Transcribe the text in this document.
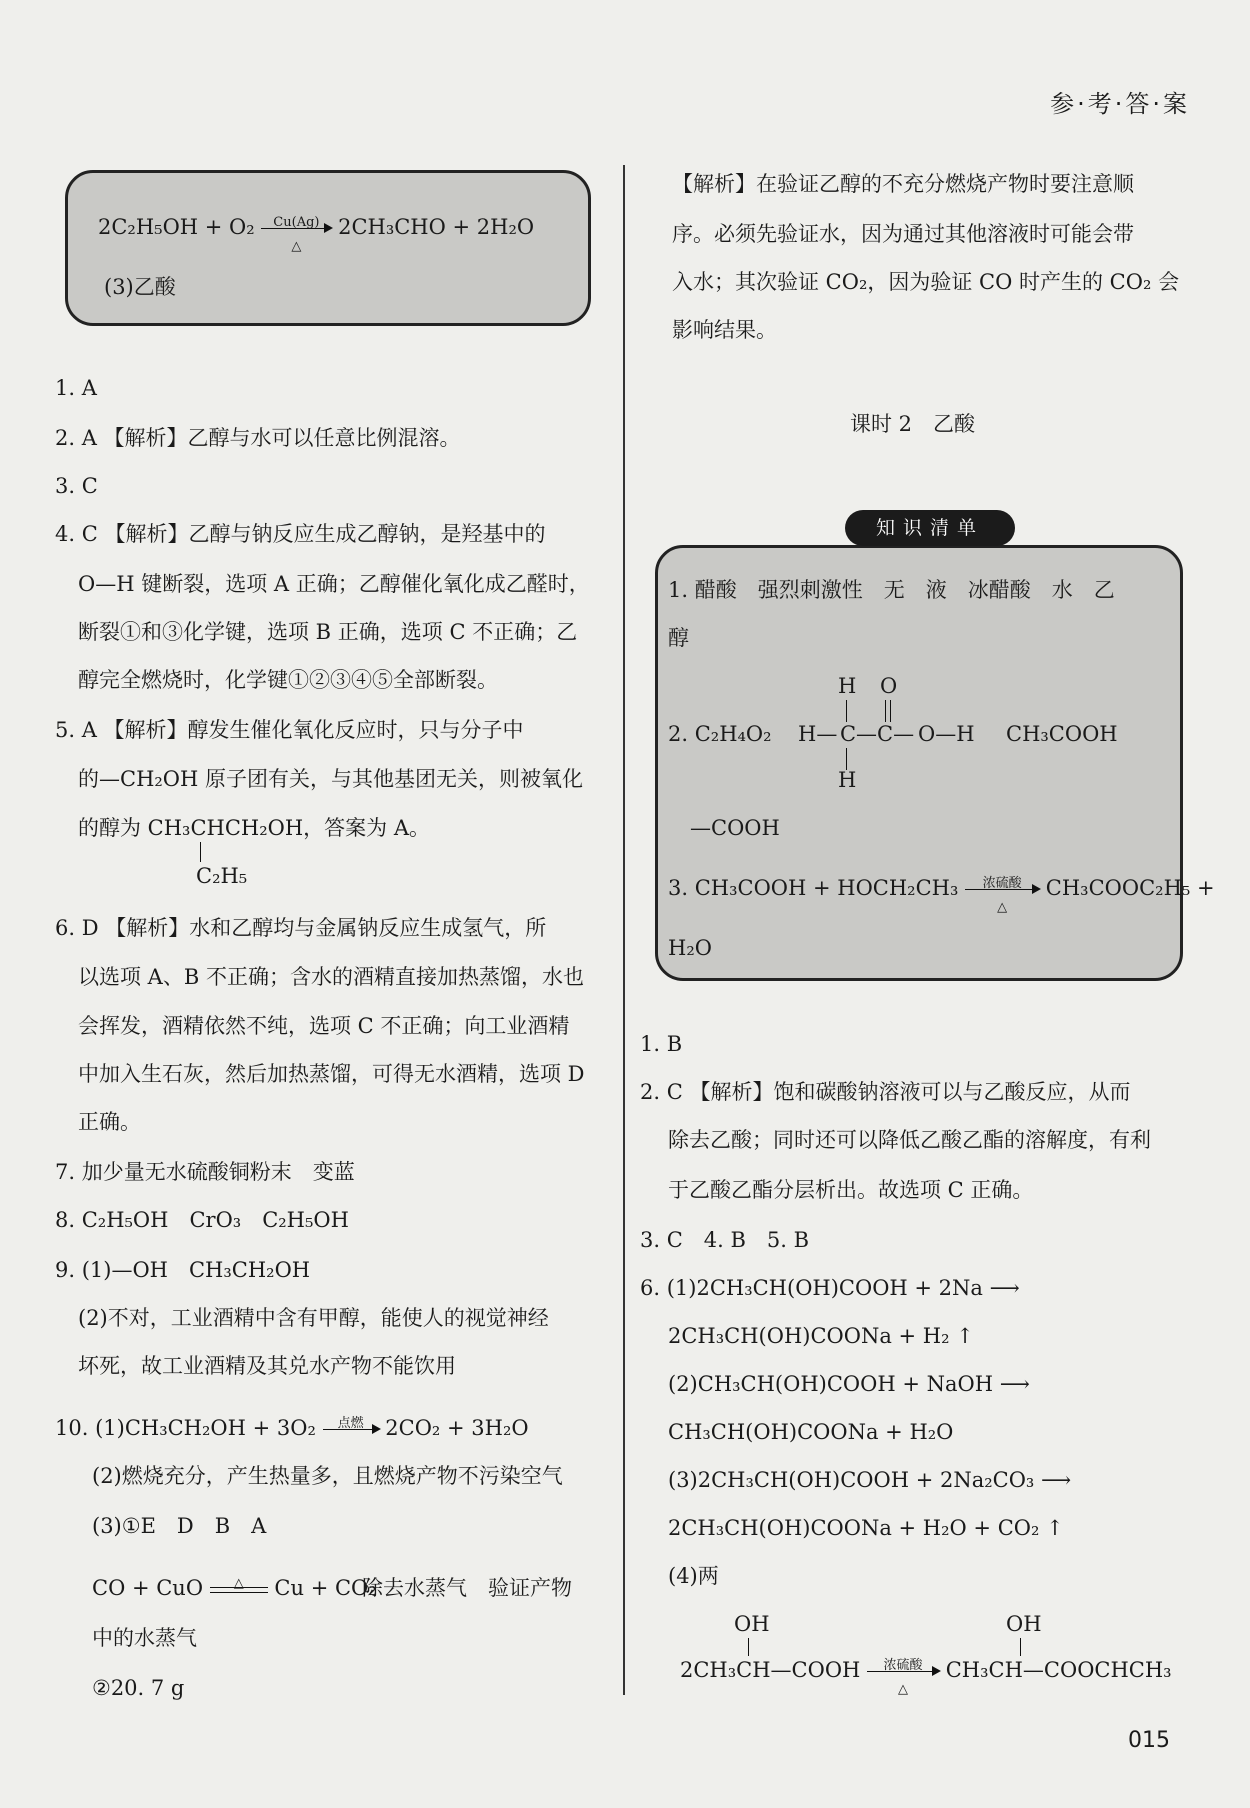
参·考·答·案
2C₂H₅OH + O₂	Cu(Ag)
△
2CH₃CHO + 2H₂O
(3)乙酸
1. A
2. A 【解析】乙醇与水可以任意比例混溶。
3. C
4. C 【解析】乙醇与钠反应生成乙醇钠，是羟基中的
O—H 键断裂，选项 A 正确；乙醇催化氧化成乙醛时，
断裂①和③化学键，选项 B 正确，选项 C 不正确；乙
醇完全燃烧时，化学键①②③④⑤全部断裂。
5. A 【解析】醇发生催化氧化反应时，只与分子中
的—CH₂OH 原子团有关，与其他基团无关，则被氧化
的醇为 CH₃CHCH₂OH，答案为 A。
C₂H₅
6. D 【解析】水和乙醇均与金属钠反应生成氢气，所
以选项 A、B 不正确；含水的酒精直接加热蒸馏，水也
会挥发，酒精依然不纯，选项 C 不正确；向工业酒精
中加入生石灰，然后加热蒸馏，可得无水酒精，选项 D
正确。
7. 加少量无水硫酸铜粉末　变蓝
8. C₂H₅OH　CrO₃　C₂H₅OH
9. (1)—OH　CH₃CH₂OH
(2)不对，工业酒精中含有甲醇，能使人的视觉神经
坏死，故工业酒精及其兑水产物不能饮用
10. (1)CH₃CH₂OH + 3O₂	点燃	2CO₂ + 3H₂O
(2)燃烧充分，产生热量多，且燃烧产物不污染空气
(3)①E　D　B　A
CO + CuO	△	Cu + CO₂
除去水蒸气　验证产物
中的水蒸气
②20. 7 g
【解析】在验证乙醇的不充分燃烧产物时要注意顺
序。必须先验证水，因为通过其他溶液时可能会带
入水；其次验证 CO₂，因为验证 CO 时产生的 CO₂ 会
影响结果。
课时 2　乙酸
知识清单
1. 醋酸　强烈刺激性　无　液　冰醋酸　水　乙
醇
H O
2. C₂H₄O₂ H— C —C— O—H CH₃COOH
H
—COOH
3. CH₃COOH + HOCH₂CH₃	浓硫酸
△
CH₃COOC₂H₅ +
H₂O
1. B
2. C 【解析】饱和碳酸钠溶液可以与乙酸反应，从而
除去乙酸；同时还可以降低乙酸乙酯的溶解度，有利
于乙酸乙酯分层析出。故选项 C 正确。
3. C　4. B　5. B
6. (1)2CH₃CH(OH)COOH + 2Na ⟶
2CH₃CH(OH)COONa + H₂ ↑
(2)CH₃CH(OH)COOH + NaOH ⟶
CH₃CH(OH)COONa + H₂O
(3)2CH₃CH(OH)COOH + 2Na₂CO₃ ⟶
2CH₃CH(OH)COONa + H₂O + CO₂ ↑
(4)两
OH	OH
2CH₃CH—COOH	浓硫酸
△
CH₃CH—COOCHCH₃
015
